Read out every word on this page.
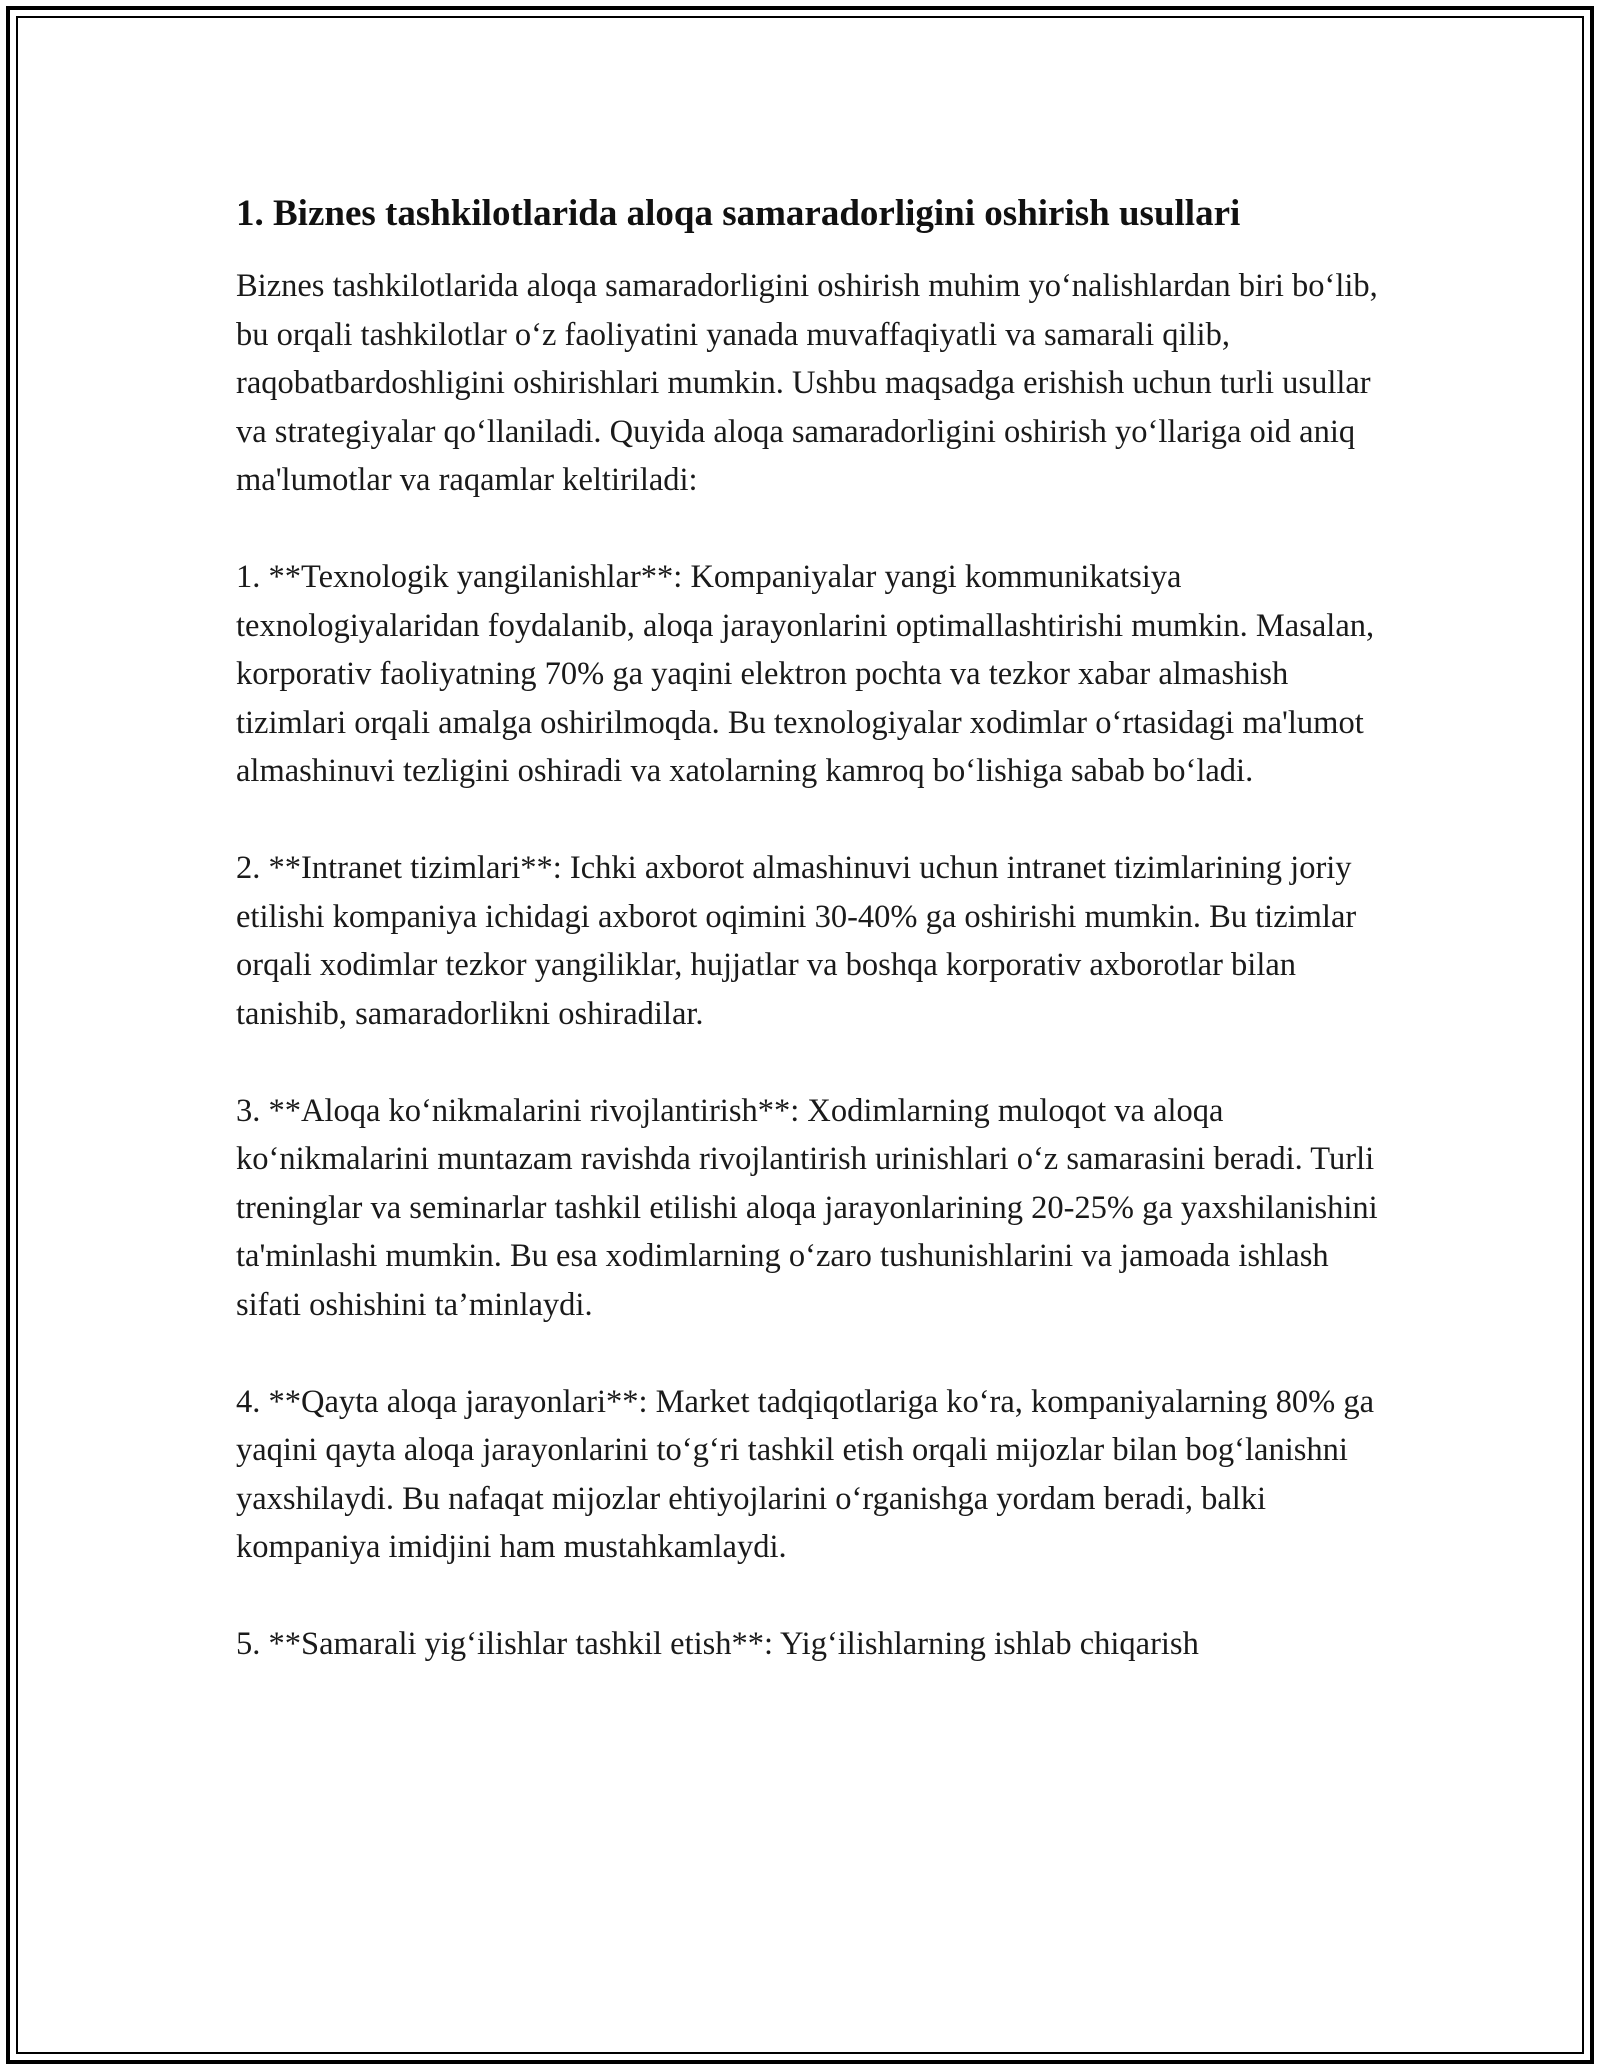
1. Biznes tashkilotlarida aloqa samaradorligini oshirish usullari
Biznes tashkilotlarida aloqa samaradorligini oshirish muhim yo‘nalishlardan biri bo‘lib, bu orqali tashkilotlar o‘z faoliyatini yanada muvaffaqiyatli va samarali qilib, raqobatbardoshligini oshirishlari mumkin. Ushbu maqsadga erishish uchun turli usullar va strategiyalar qo‘llaniladi. Quyida aloqa samaradorligini oshirish yo‘llariga oid aniq ma'lumotlar va raqamlar keltiriladi:

1. **Texnologik yangilanishlar**: Kompaniyalar yangi kommunikatsiya texnologiyalaridan foydalanib, aloqa jarayonlarini optimallashtirishi mumkin. Masalan, korporativ faoliyatning 70% ga yaqini elektron pochta va tezkor xabar almashish tizimlari orqali amalga oshirilmoqda. Bu texnologiyalar xodimlar o‘rtasidagi ma'lumot almashinuvi tezligini oshiradi va xatolarning kamroq bo‘lishiga sabab bo‘ladi.

2. **Intranet tizimlari**: Ichki axborot almashinuvi uchun intranet tizimlarining joriy etilishi kompaniya ichidagi axborot oqimini 30-40% ga oshirishi mumkin. Bu tizimlar orqali xodimlar tezkor yangiliklar, hujjatlar va boshqa korporativ axborotlar bilan tanishib, samaradorlikni oshiradilar.

3. **Aloqa ko‘nikmalarini rivojlantirish**: Xodimlarning muloqot va aloqa ko‘nikmalarini muntazam ravishda rivojlantirish urinishlari o‘z samarasini beradi. Turli treninglar va seminarlar tashkil etilishi aloqa jarayonlarining 20-25% ga yaxshilanishini ta'minlashi mumkin. Bu esa xodimlarning o‘zaro tushunishlarini va jamoada ishlash sifati oshishini ta’minlaydi.

4. **Qayta aloqa jarayonlari**: Market tadqiqotlariga ko‘ra, kompaniyalarning 80% ga yaqini qayta aloqa jarayonlarini to‘g‘ri tashkil etish orqali mijozlar bilan bog‘lanishni yaxshilaydi. Bu nafaqat mijozlar ehtiyojlarini o‘rganishga yordam beradi, balki kompaniya imidjini ham mustahkamlaydi.

5. **Samarali yig‘ilishlar tashkil etish**: Yig‘ilishlarning ishlab chiqarish
